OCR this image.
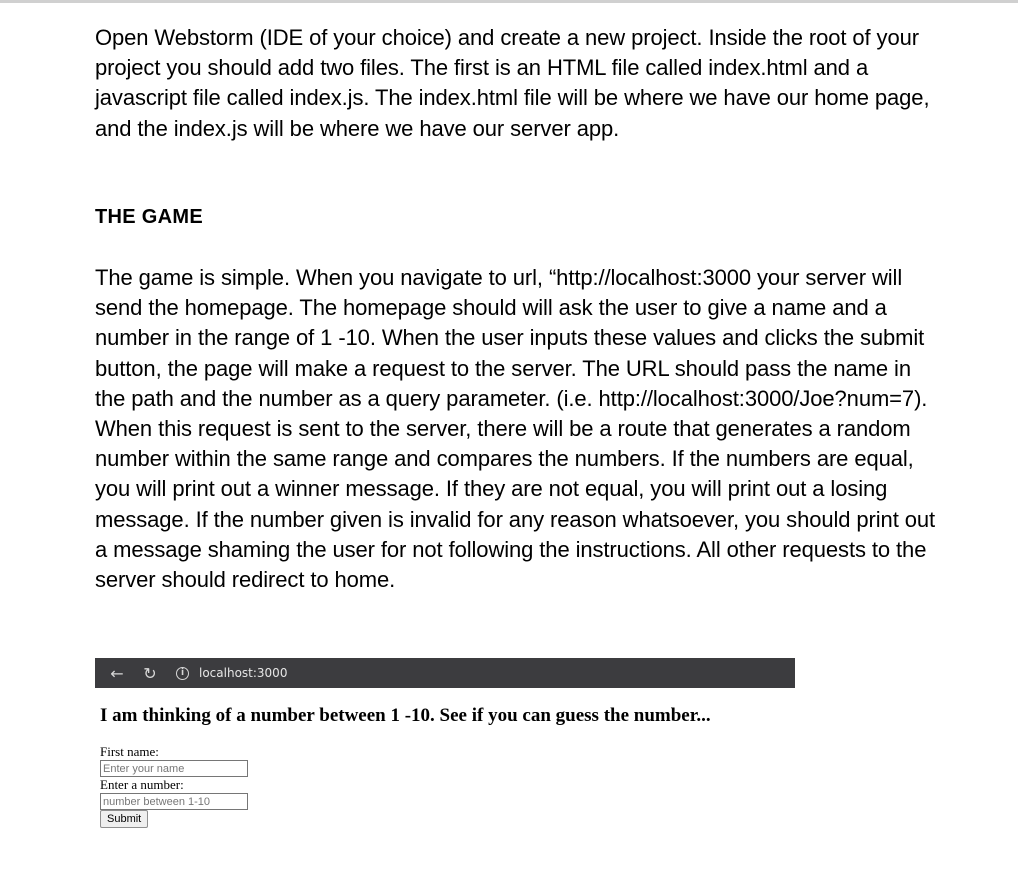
Open Webstorm (IDE of your choice) and create a new project. Inside the root of your project you should add two files. The first is an HTML file called index.html and a javascript file called index.js. The index.html file will be where we have our home page, and the index.js will be where we have our server app.

THE GAME

The game is simple. When you navigate to url, “http://localhost:3000 your server will send the homepage. The homepage should will ask the user to give a name and a number in the range of 1 -10. When the user inputs these values and clicks the submit button, the page will make a request to the server. The URL should pass the name in the path and the number as a query parameter. (i.e. http://localhost:3000/Joe?num=7). When this request is sent to the server, there will be a route that generates a random number within the same range and compares the numbers. If the numbers are equal, you will print out a winner message. If they are not equal, you will print out a losing message. If the number given is invalid for any reason whatsoever, you should print out a message shaming the user for not following the instructions. All other requests to the server should redirect to home.

← ↻	i	localhost:3000
I am thinking of a number between 1 -10. See if you can guess the number...
First name:
Enter your name
Enter a number:
number between 1-10
Submit
